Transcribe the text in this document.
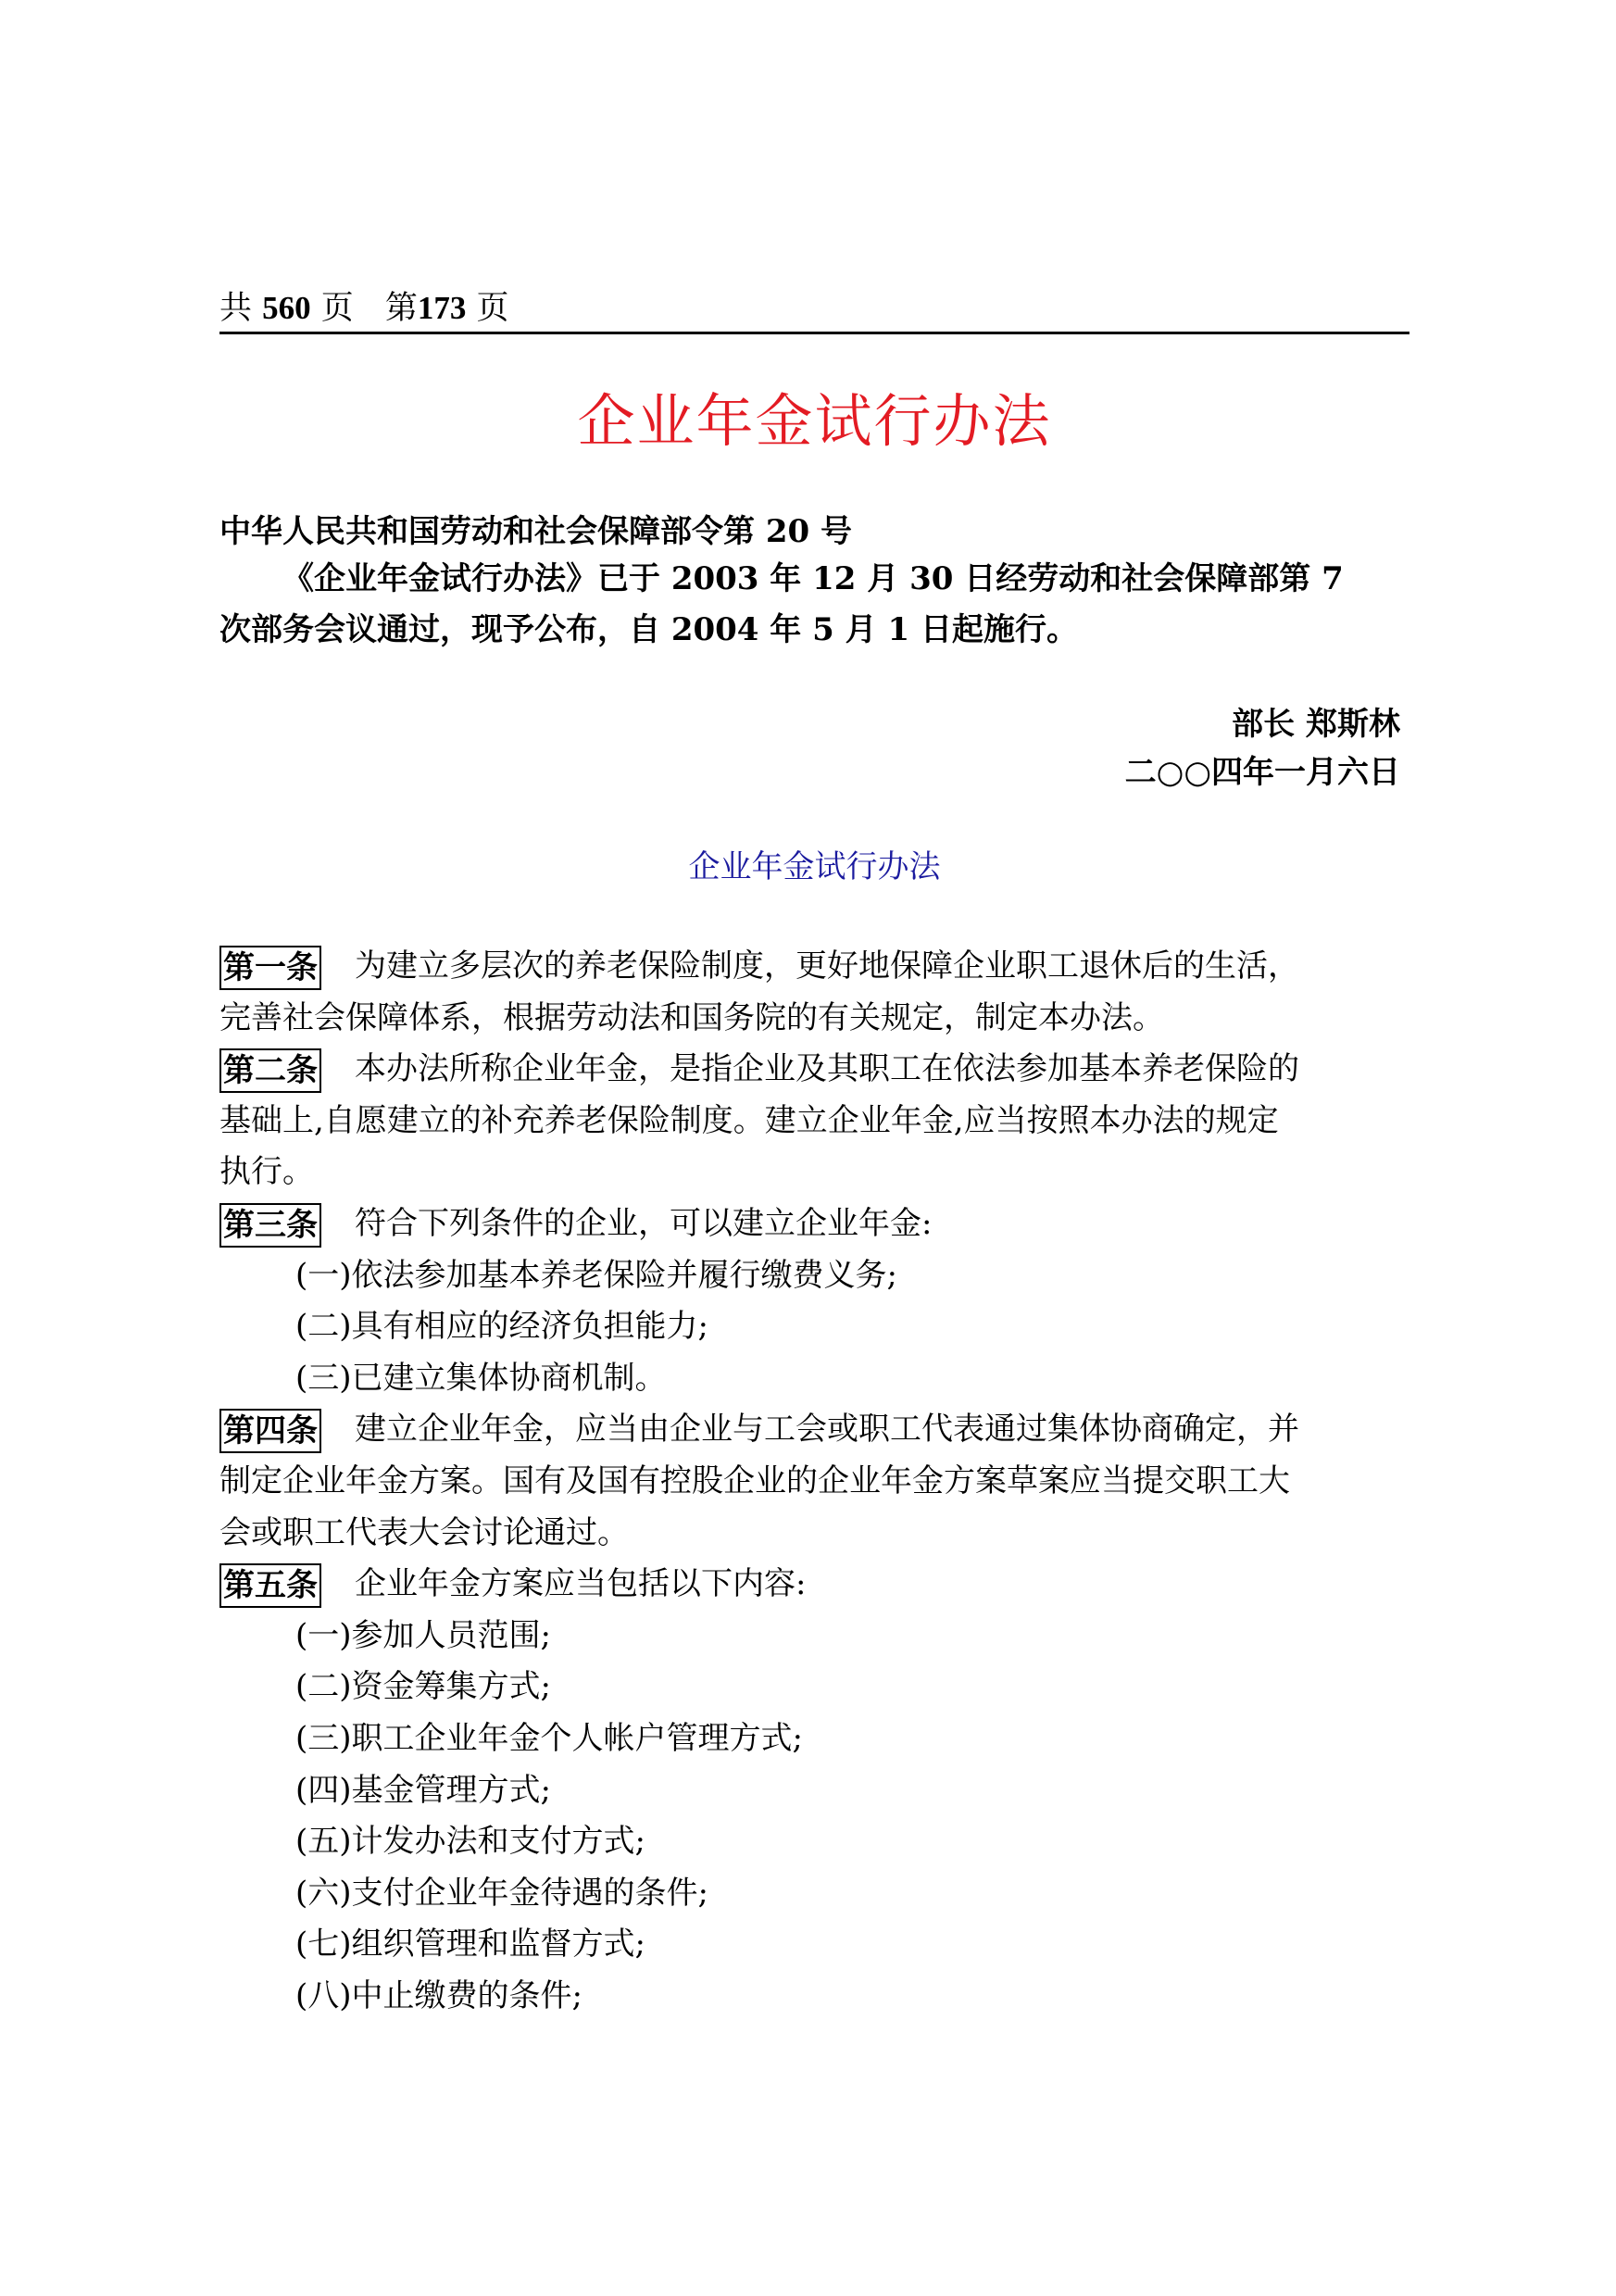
共 560 页 第173 页
企业年金试行办法
中华人民共和国劳动和社会保障部令第 20 号
《企业年金试行办法》已于 2003 年 12 月 30 日经劳动和社会保障部第 7
次部务会议通过，现予公布，自 2004 年 5 月 1 日起施行。
部长 郑斯林
二○○四年一月六日
企业年金试行办法
第一条 为建立多层次的养老保险制度，更好地保障企业职工退休后的生活，
完善社会保障体系，根据劳动法和国务院的有关规定，制定本办法。
第二条 本办法所称企业年金，是指企业及其职工在依法参加基本养老保险的
基础上,自愿建立的补充养老保险制度。建立企业年金,应当按照本办法的规定
执行。
第三条 符合下列条件的企业，可以建立企业年金:
(一)依法参加基本养老保险并履行缴费义务;
(二)具有相应的经济负担能力;
(三)已建立集体协商机制。
第四条 建立企业年金，应当由企业与工会或职工代表通过集体协商确定，并
制定企业年金方案。国有及国有控股企业的企业年金方案草案应当提交职工大
会或职工代表大会讨论通过。
第五条 企业年金方案应当包括以下内容:
(一)参加人员范围;
(二)资金筹集方式;
(三)职工企业年金个人帐户管理方式;
(四)基金管理方式;
(五)计发办法和支付方式;
(六)支付企业年金待遇的条件;
(七)组织管理和监督方式;
(八)中止缴费的条件;
